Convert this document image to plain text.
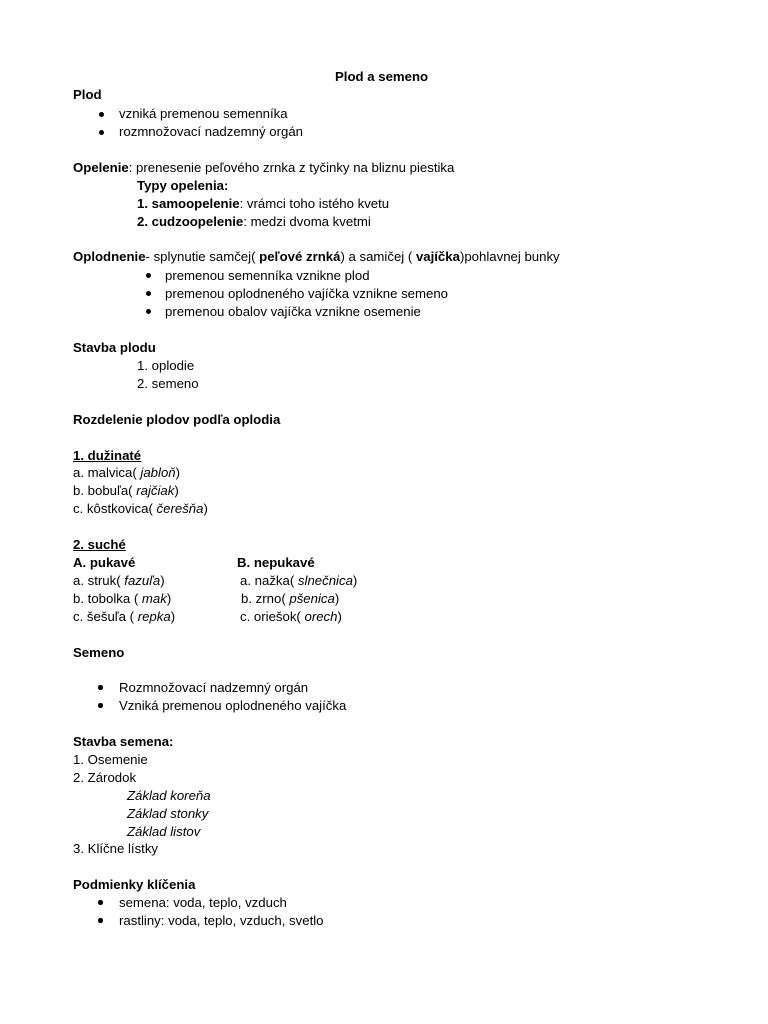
Plod a semeno
Plod
vzniká premenou semenníka
rozmnožovací nadzemný orgán
Opelenie: prenesenie peľového zrnka z tyčinky na bliznu piestika
Typy opelenia:
1. samoopelenie: vrámci toho istého kvetu
2. cudzoopelenie: medzi dvoma kvetmi
Oplodnenie- splynutie samčej( peľové zrnká) a samičej ( vajíčka)pohlavnej bunky
premenou semenníka vznikne plod
premenou oplodneného vajíčka vznikne semeno
premenou obalov vajíčka vznikne osemenie
Stavba plodu
1. oplodie
2. semeno
Rozdelenie plodov podľa oplodia
1. dužinaté
a. malvica( jabloň)
b. bobuľa( rajčiak)
c. kôstkovica( čerešňa)
2. suché
A. pukavé	B. nepukavé
a. struk( fazuľa)
b. tobolka ( mak)
c. šešuľa ( repka)
a. nažka( slnečnica)
b. zrno( pšenica)
c. oriešok( orech)
Semeno
Rozmnožovací nadzemný orgán
Vzniká premenou oplodneného vajíčka
Stavba semena:
1. Osemenie
2. Zárodok
Základ koreňa
Základ stonky
Základ listov
3. Klíčne lístky
Podmienky klíčenia
semena: voda, teplo, vzduch
rastliny: voda, teplo, vzduch, svetlo
